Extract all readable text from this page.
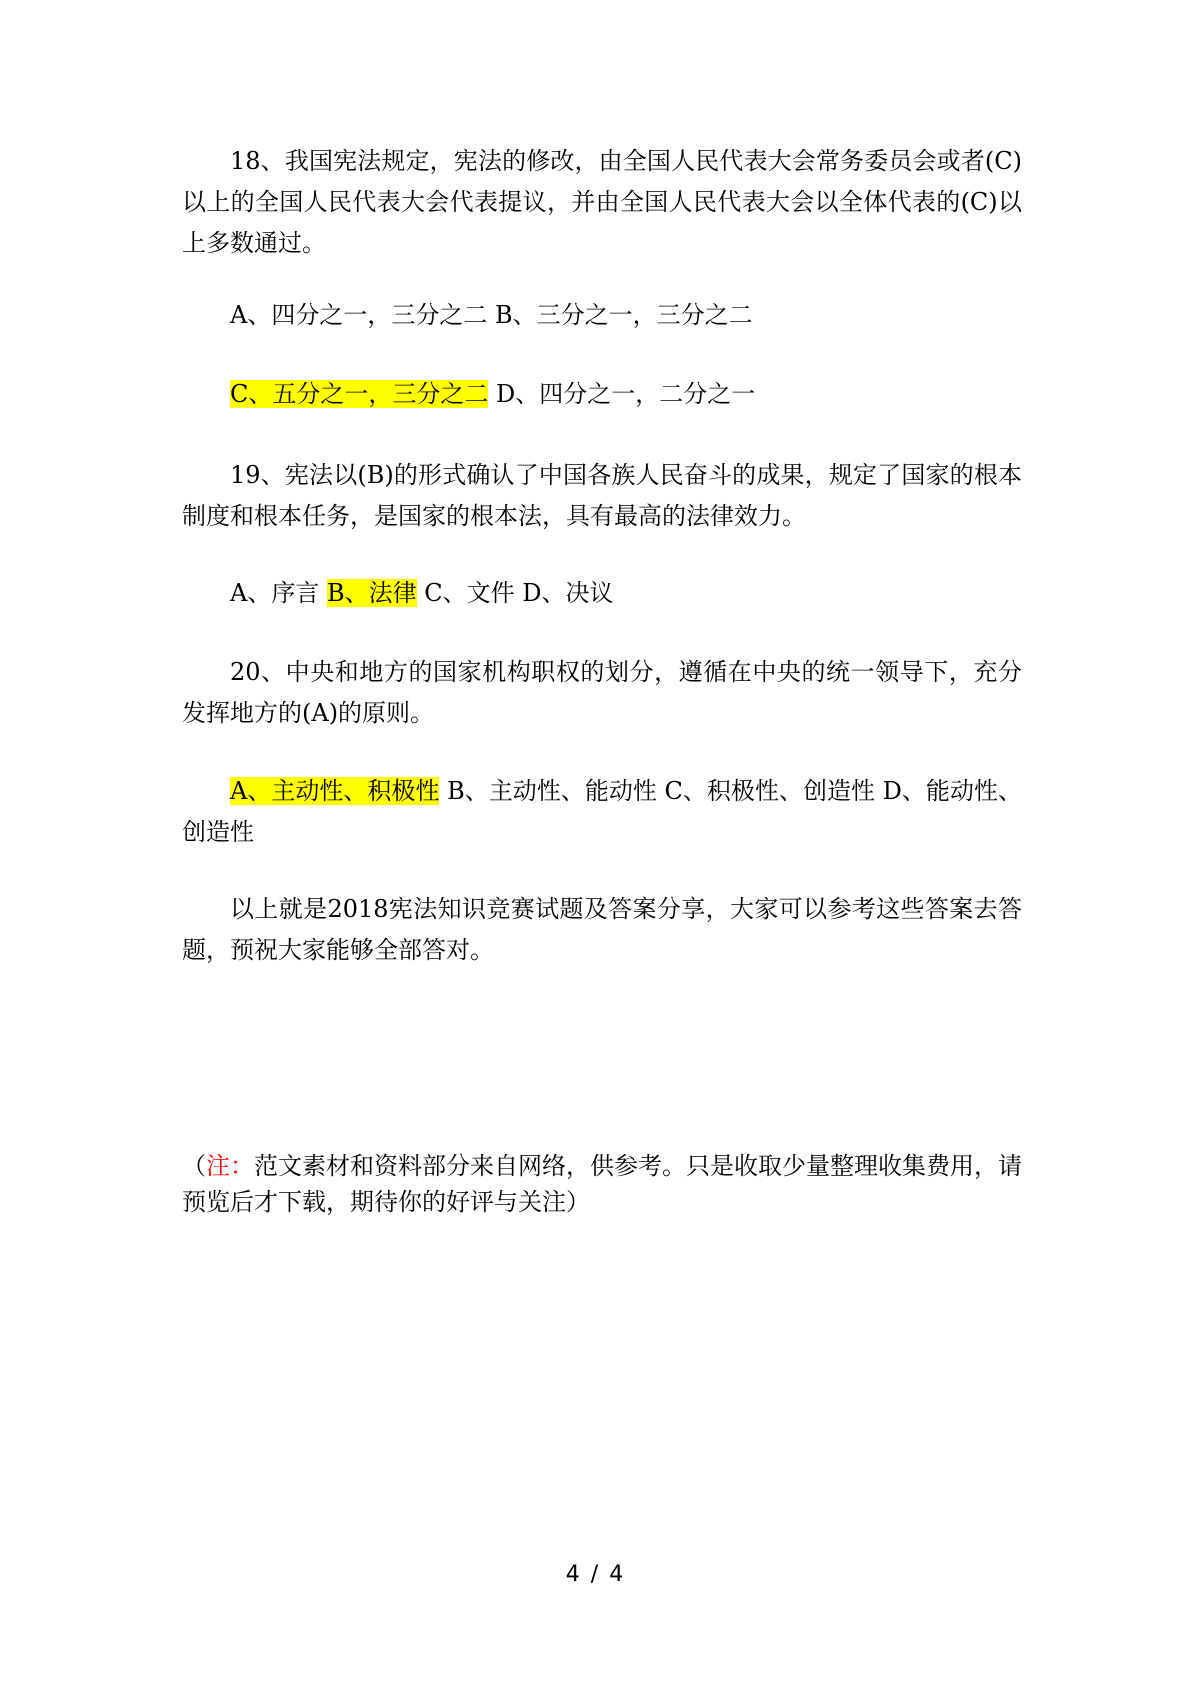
18、我国宪法规定，宪法的修改，由全国人民代表大会常务委员会或者(C)以上的全国人民代表大会代表提议，并由全国人民代表大会以全体代表的(C)以上多数通过。

A、四分之一，三分之二 B、三分之一，三分之二

C、五分之一，三分之二 D、四分之一，二分之一

19、宪法以(B)的形式确认了中国各族人民奋斗的成果，规定了国家的根本制度和根本任务，是国家的根本法，具有最高的法律效力。

A、序言 B、法律 C、文件 D、决议

20、中央和地方的国家机构职权的划分，遵循在中央的统一领导下，充分发挥地方的(A)的原则。

A、主动性、积极性 B、主动性、能动性 C、积极性、创造性 D、能动性、创造性

以上就是2018宪法知识竞赛试题及答案分享，大家可以参考这些答案去答题，预祝大家能够全部答对。

（注：范文素材和资料部分来自网络，供参考。只是收取少量整理收集费用，请预览后才下载，期待你的好评与关注）

4 / 4
